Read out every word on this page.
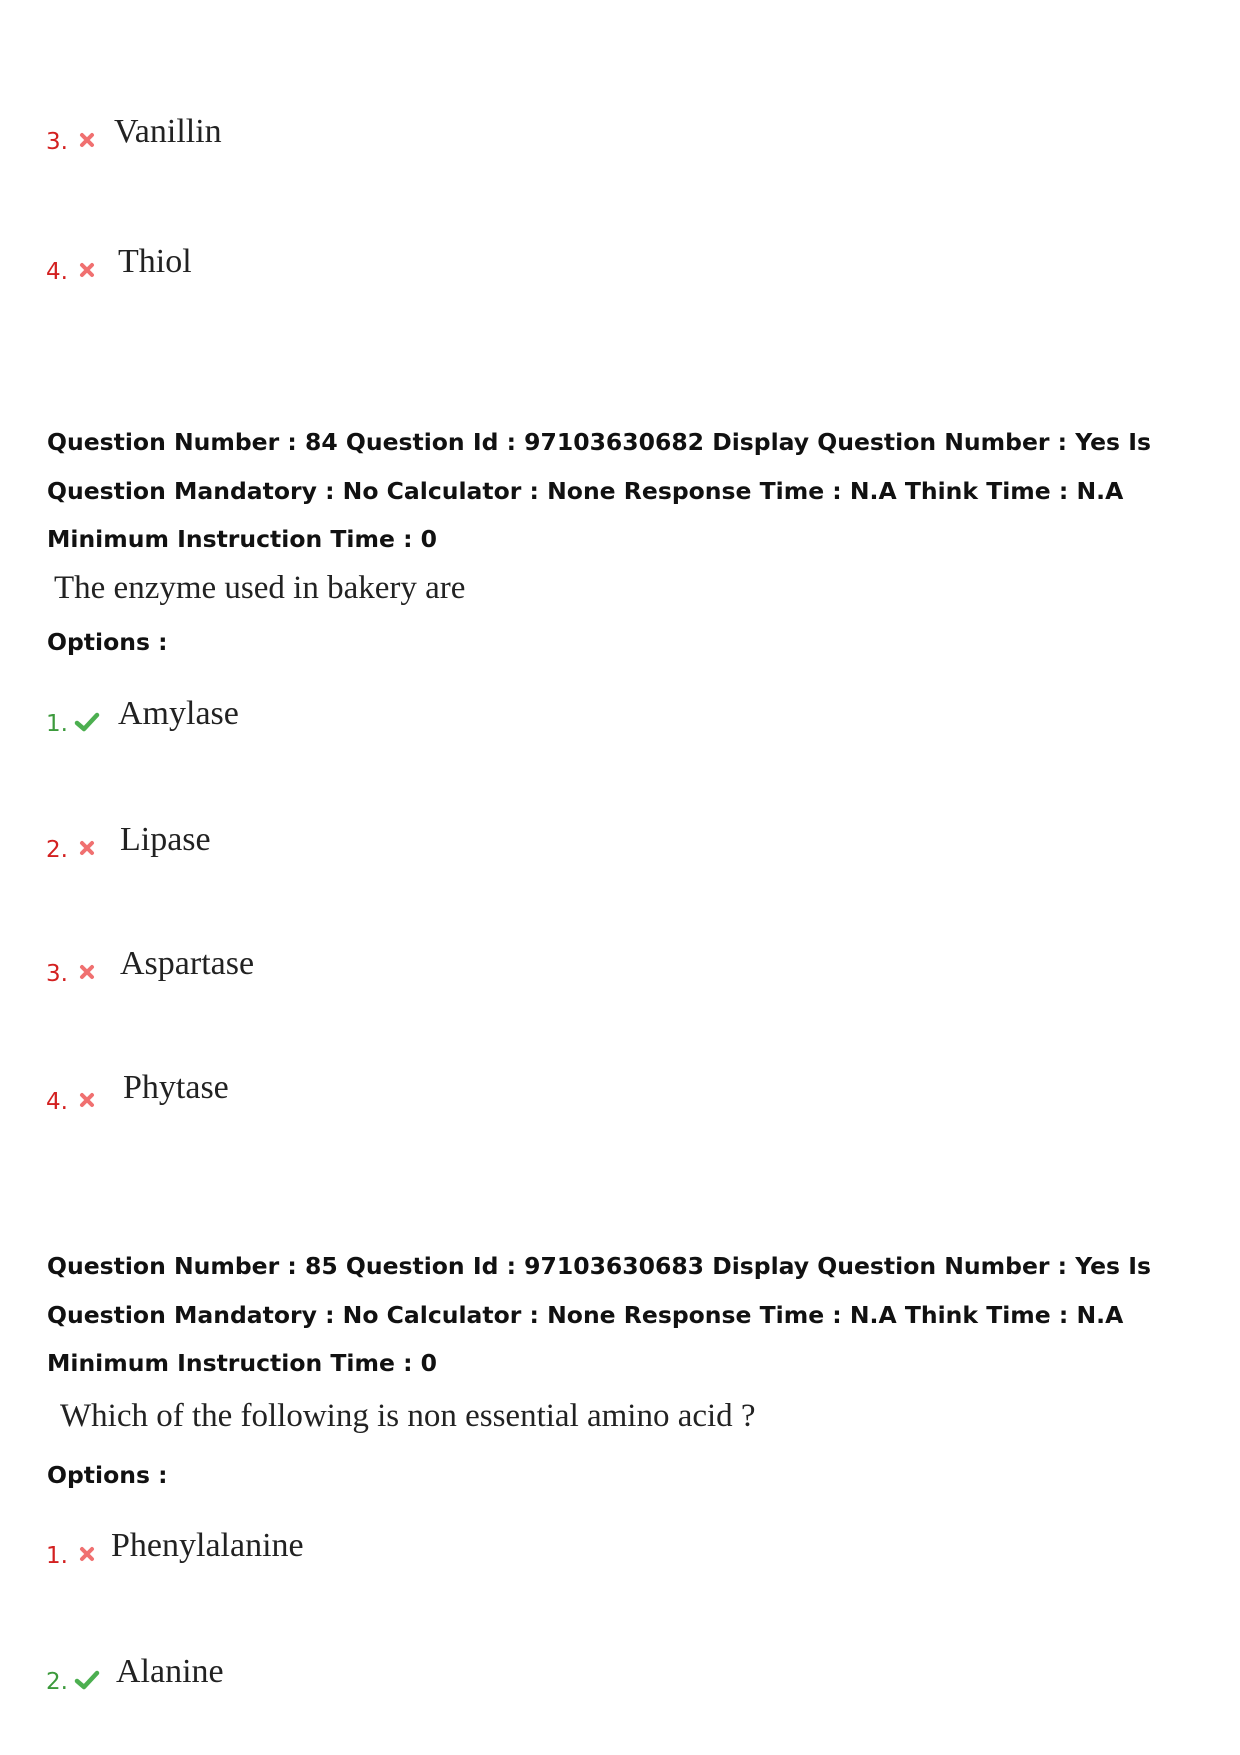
3. Vanillin
4. Thiol
Question Number : 84 Question Id : 97103630682 Display Question Number : Yes Is Question Mandatory : No Calculator : None Response Time : N.A Think Time : N.A Minimum Instruction Time : 0
The enzyme used in bakery are
Options :
1. Amylase
2. Lipase
3. Aspartase
4. Phytase
Question Number : 85 Question Id : 97103630683 Display Question Number : Yes Is Question Mandatory : No Calculator : None Response Time : N.A Think Time : N.A Minimum Instruction Time : 0
Which of the following is non essential amino acid ?
Options :
1. Phenylalanine
2. Alanine
